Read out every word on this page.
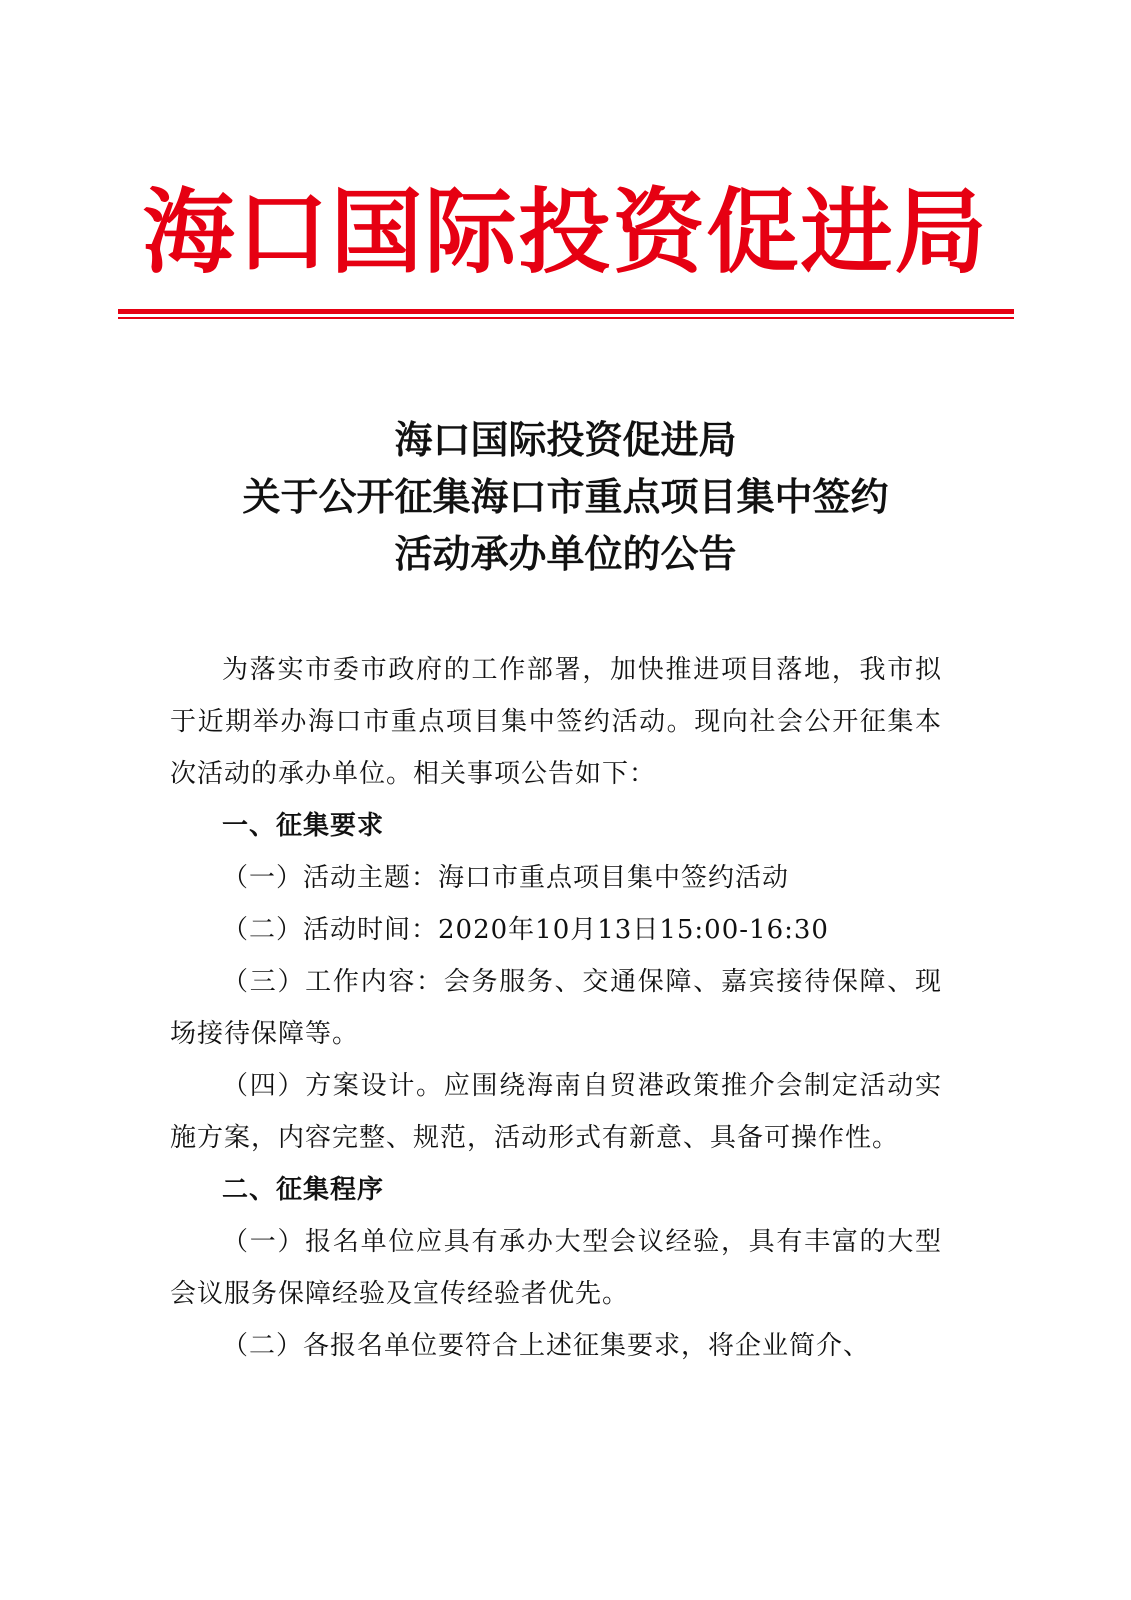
海口国际投资促进局
海口国际投资促进局
关于公开征集海口市重点项目集中签约
活动承办单位的公告

为落实市委市政府的工作部署，加快推进项目落地，我市拟于近期举办海口市重点项目集中签约活动。现向社会公开征集本次活动的承办单位。相关事项公告如下：

一、征集要求

（一）活动主题：海口市重点项目集中签约活动

（二）活动时间：2020年10月13日15:00-16:30

（三）工作内容：会务服务、交通保障、嘉宾接待保障、现场接待保障等。

（四）方案设计。应围绕海南自贸港政策推介会制定活动实施方案，内容完整、规范，活动形式有新意、具备可操作性。

二、征集程序

（一）报名单位应具有承办大型会议经验，具有丰富的大型会议服务保障经验及宣传经验者优先。

（二）各报名单位要符合上述征集要求，将企业简介、
